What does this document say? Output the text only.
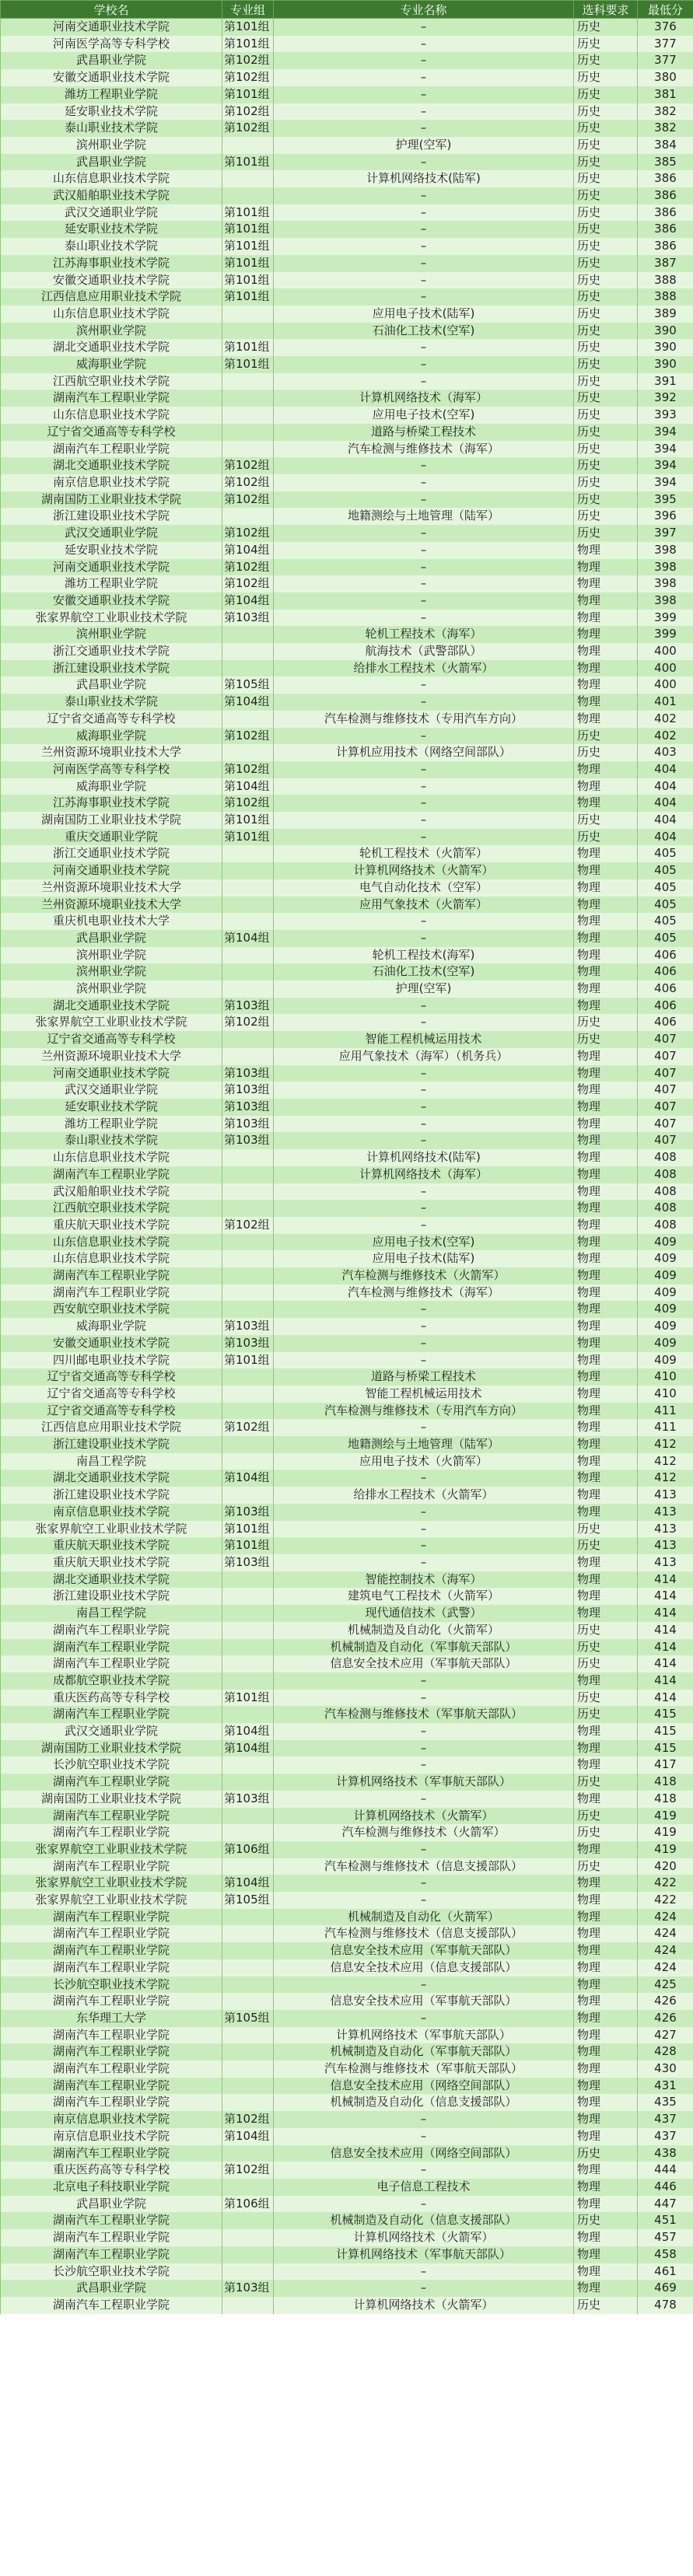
学校名	专业组	专业名称	选科要求	最低分
河南交通职业技术学院	第101组	–	历史	376
河南医学高等专科学校	第101组	–	历史	377
武昌职业学院	第102组	–	历史	377
安徽交通职业技术学院	第102组	–	历史	380
潍坊工程职业学院	第101组	–	历史	381
延安职业技术学院	第102组	–	历史	382
泰山职业技术学院	第102组	–	历史	382
滨州职业学院		护理(空军)	历史	384
武昌职业学院	第101组	–	历史	385
山东信息职业技术学院		计算机网络技术(陆军)	历史	386
武汉船舶职业技术学院		–	历史	386
武汉交通职业学院	第101组	–	历史	386
延安职业技术学院	第101组	–	历史	386
泰山职业技术学院	第101组	–	历史	386
江苏海事职业技术学院	第101组	–	历史	387
安徽交通职业技术学院	第101组	–	历史	388
江西信息应用职业技术学院	第101组	–	历史	388
山东信息职业技术学院		应用电子技术(陆军)	历史	389
滨州职业学院		石油化工技术(空军)	历史	390
湖北交通职业技术学院	第101组	–	历史	390
威海职业学院	第101组	–	历史	390
江西航空职业技术学院		–	历史	391
湖南汽车工程职业学院		计算机网络技术（海军）	历史	392
山东信息职业技术学院		应用电子技术(空军)	历史	393
辽宁省交通高等专科学校		道路与桥梁工程技术	历史	394
湖南汽车工程职业学院		汽车检测与维修技术（海军）	历史	394
湖北交通职业技术学院	第102组	–	历史	394
南京信息职业技术学院	第102组	–	历史	394
湖南国防工业职业技术学院	第102组	–	历史	395
浙江建设职业技术学院		地籍测绘与土地管理（陆军）	历史	396
武汉交通职业学院	第102组	–	历史	397
延安职业技术学院	第104组	–	物理	398
河南交通职业技术学院	第102组	–	物理	398
潍坊工程职业学院	第102组	–	物理	398
安徽交通职业技术学院	第104组	–	物理	398
张家界航空工业职业技术学院	第103组	–	物理	399
滨州职业学院		轮机工程技术（海军）	物理	399
浙江交通职业技术学院		航海技术（武警部队）	物理	400
浙江建设职业技术学院		给排水工程技术（火箭军）	物理	400
武昌职业学院	第105组	–	物理	400
泰山职业技术学院	第104组	–	物理	401
辽宁省交通高等专科学校		汽车检测与维修技术（专用汽车方向）	物理	402
威海职业学院	第102组	–	历史	402
兰州资源环境职业技术大学		计算机应用技术（网络空间部队）	历史	403
河南医学高等专科学校	第102组	–	物理	404
威海职业学院	第104组	–	物理	404
江苏海事职业技术学院	第102组	–	物理	404
湖南国防工业职业技术学院	第101组	–	历史	404
重庆交通职业学院	第101组	–	历史	404
浙江交通职业技术学院		轮机工程技术（火箭军）	物理	405
河南交通职业技术学院		计算机网络技术（火箭军）	物理	405
兰州资源环境职业技术大学		电气自动化技术（空军）	物理	405
兰州资源环境职业技术大学		应用气象技术（火箭军）	物理	405
重庆机电职业技术大学		–	物理	405
武昌职业学院	第104组	–	物理	405
滨州职业学院		轮机工程技术(海军)	物理	406
滨州职业学院		石油化工技术(空军)	物理	406
滨州职业学院		护理(空军)	物理	406
湖北交通职业技术学院	第103组	–	物理	406
张家界航空工业职业技术学院	第102组	–	历史	406
辽宁省交通高等专科学校		智能工程机械运用技术	历史	407
兰州资源环境职业技术大学		应用气象技术（海军）（机务兵）	物理	407
河南交通职业技术学院	第103组	–	物理	407
武汉交通职业学院	第103组	–	物理	407
延安职业技术学院	第103组	–	物理	407
潍坊工程职业学院	第103组	–	物理	407
泰山职业技术学院	第103组	–	物理	407
山东信息职业技术学院		计算机网络技术(陆军)	物理	408
湖南汽车工程职业学院		计算机网络技术（海军）	物理	408
武汉船舶职业技术学院		–	物理	408
江西航空职业技术学院		–	物理	408
重庆航天职业技术学院	第102组	–	物理	408
山东信息职业技术学院		应用电子技术(空军)	物理	409
山东信息职业技术学院		应用电子技术(陆军)	物理	409
湖南汽车工程职业学院		汽车检测与维修技术（火箭军）	物理	409
湖南汽车工程职业学院		汽车检测与维修技术（海军）	物理	409
西安航空职业技术学院		–	物理	409
威海职业学院	第103组	–	物理	409
安徽交通职业技术学院	第103组	–	物理	409
四川邮电职业技术学院	第101组	–	物理	409
辽宁省交通高等专科学校		道路与桥梁工程技术	物理	410
辽宁省交通高等专科学校		智能工程机械运用技术	物理	410
辽宁省交通高等专科学校		汽车检测与维修技术（专用汽车方向）	物理	411
江西信息应用职业技术学院	第102组	–	物理	411
浙江建设职业技术学院		地籍测绘与土地管理（陆军）	物理	412
南昌工程学院		应用电子技术（火箭军）	物理	412
湖北交通职业技术学院	第104组	–	物理	412
浙江建设职业技术学院		给排水工程技术（火箭军）	物理	413
南京信息职业技术学院	第103组	–	物理	413
张家界航空工业职业技术学院	第101组	–	历史	413
重庆航天职业技术学院	第101组	–	历史	413
重庆航天职业技术学院	第103组	–	物理	413
湖北交通职业技术学院		智能控制技术（海军）	物理	414
浙江建设职业技术学院		建筑电气工程技术（火箭军）	物理	414
南昌工程学院		现代通信技术（武警）	物理	414
湖南汽车工程职业学院		机械制造及自动化（火箭军）	历史	414
湖南汽车工程职业学院		机械制造及自动化（军事航天部队）	历史	414
湖南汽车工程职业学院		信息安全技术应用（军事航天部队）	历史	414
成都航空职业技术学院		–	物理	414
重庆医药高等专科学校	第101组	–	历史	414
湖南汽车工程职业学院		汽车检测与维修技术（军事航天部队）	历史	415
武汉交通职业学院	第104组	–	物理	415
湖南国防工业职业技术学院	第104组	–	物理	415
长沙航空职业技术学院		–	物理	417
湖南汽车工程职业学院		计算机网络技术（军事航天部队）	历史	418
湖南国防工业职业技术学院	第103组	–	物理	418
湖南汽车工程职业学院		计算机网络技术（火箭军）	历史	419
湖南汽车工程职业学院		汽车检测与维修技术（火箭军）	历史	419
张家界航空工业职业技术学院	第106组	–	物理	419
湖南汽车工程职业学院		汽车检测与维修技术（信息支援部队）	历史	420
张家界航空工业职业技术学院	第104组	–	物理	422
张家界航空工业职业技术学院	第105组	–	物理	422
湖南汽车工程职业学院		机械制造及自动化（火箭军）	物理	424
湖南汽车工程职业学院		汽车检测与维修技术（信息支援部队）	物理	424
湖南汽车工程职业学院		信息安全技术应用（军事航天部队）	物理	424
湖南汽车工程职业学院		信息安全技术应用（信息支援部队）	物理	424
长沙航空职业技术学院		–	物理	425
湖南汽车工程职业学院		信息安全技术应用（军事航天部队）	物理	426
东华理工大学	第105组	–	物理	426
湖南汽车工程职业学院		计算机网络技术（军事航天部队）	物理	427
湖南汽车工程职业学院		机械制造及自动化（军事航天部队）	物理	428
湖南汽车工程职业学院		汽车检测与维修技术（军事航天部队）	物理	430
湖南汽车工程职业学院		信息安全技术应用（网络空间部队）	物理	431
湖南汽车工程职业学院		机械制造及自动化（信息支援部队）	物理	435
南京信息职业技术学院	第102组	–	物理	437
南京信息职业技术学院	第104组	–	物理	437
湖南汽车工程职业学院		信息安全技术应用（网络空间部队）	历史	438
重庆医药高等专科学校	第102组	–	物理	444
北京电子科技职业学院		电子信息工程技术	物理	446
武昌职业学院	第106组	–	物理	447
湖南汽车工程职业学院		机械制造及自动化（信息支援部队）	历史	451
湖南汽车工程职业学院		计算机网络技术（火箭军）	物理	457
湖南汽车工程职业学院		计算机网络技术（军事航天部队）	物理	458
长沙航空职业技术学院		–	物理	461
武昌职业学院	第103组	–	物理	469
湖南汽车工程职业学院		计算机网络技术（火箭军）	历史	478
